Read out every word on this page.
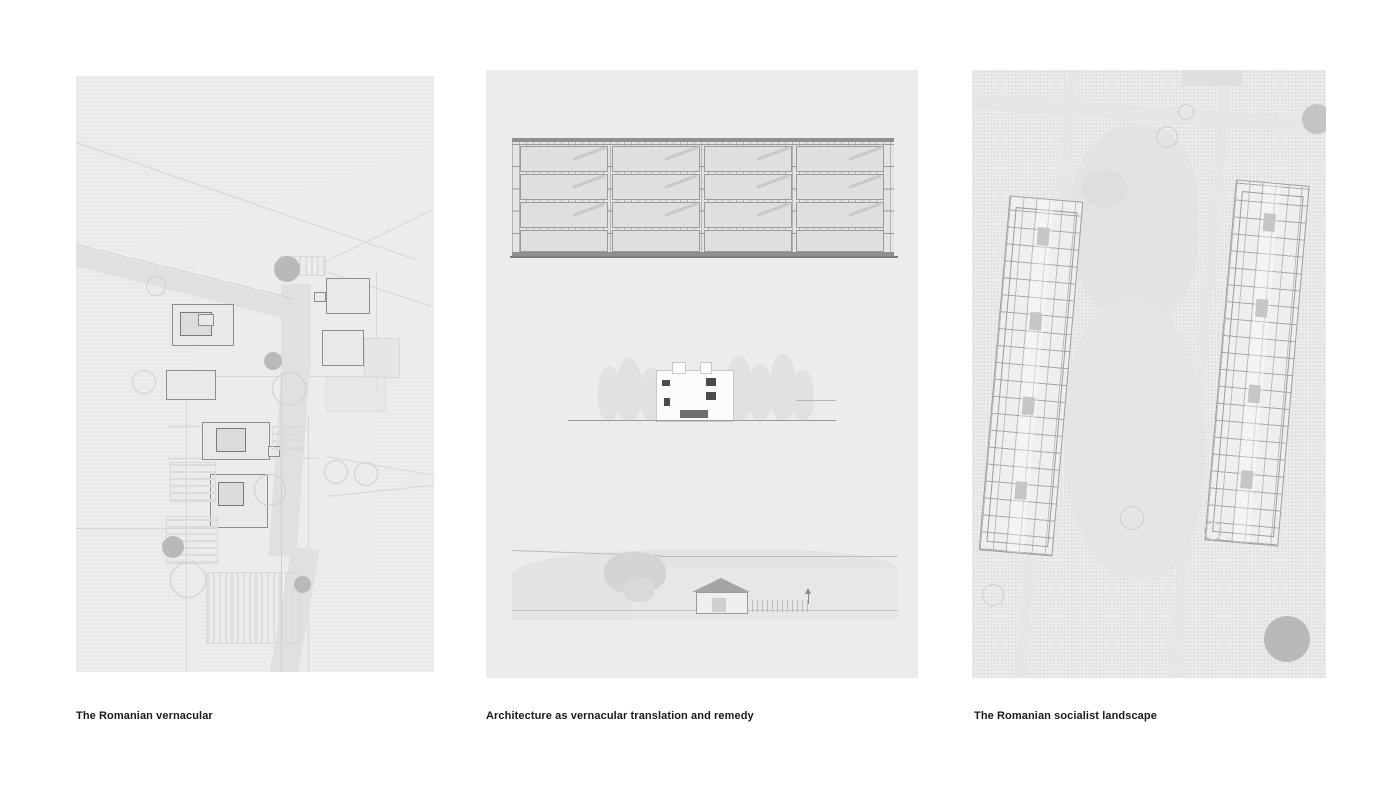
The Romanian vernacular	Architecture as vernacular translation and remedy	The Romanian socialist landscape
